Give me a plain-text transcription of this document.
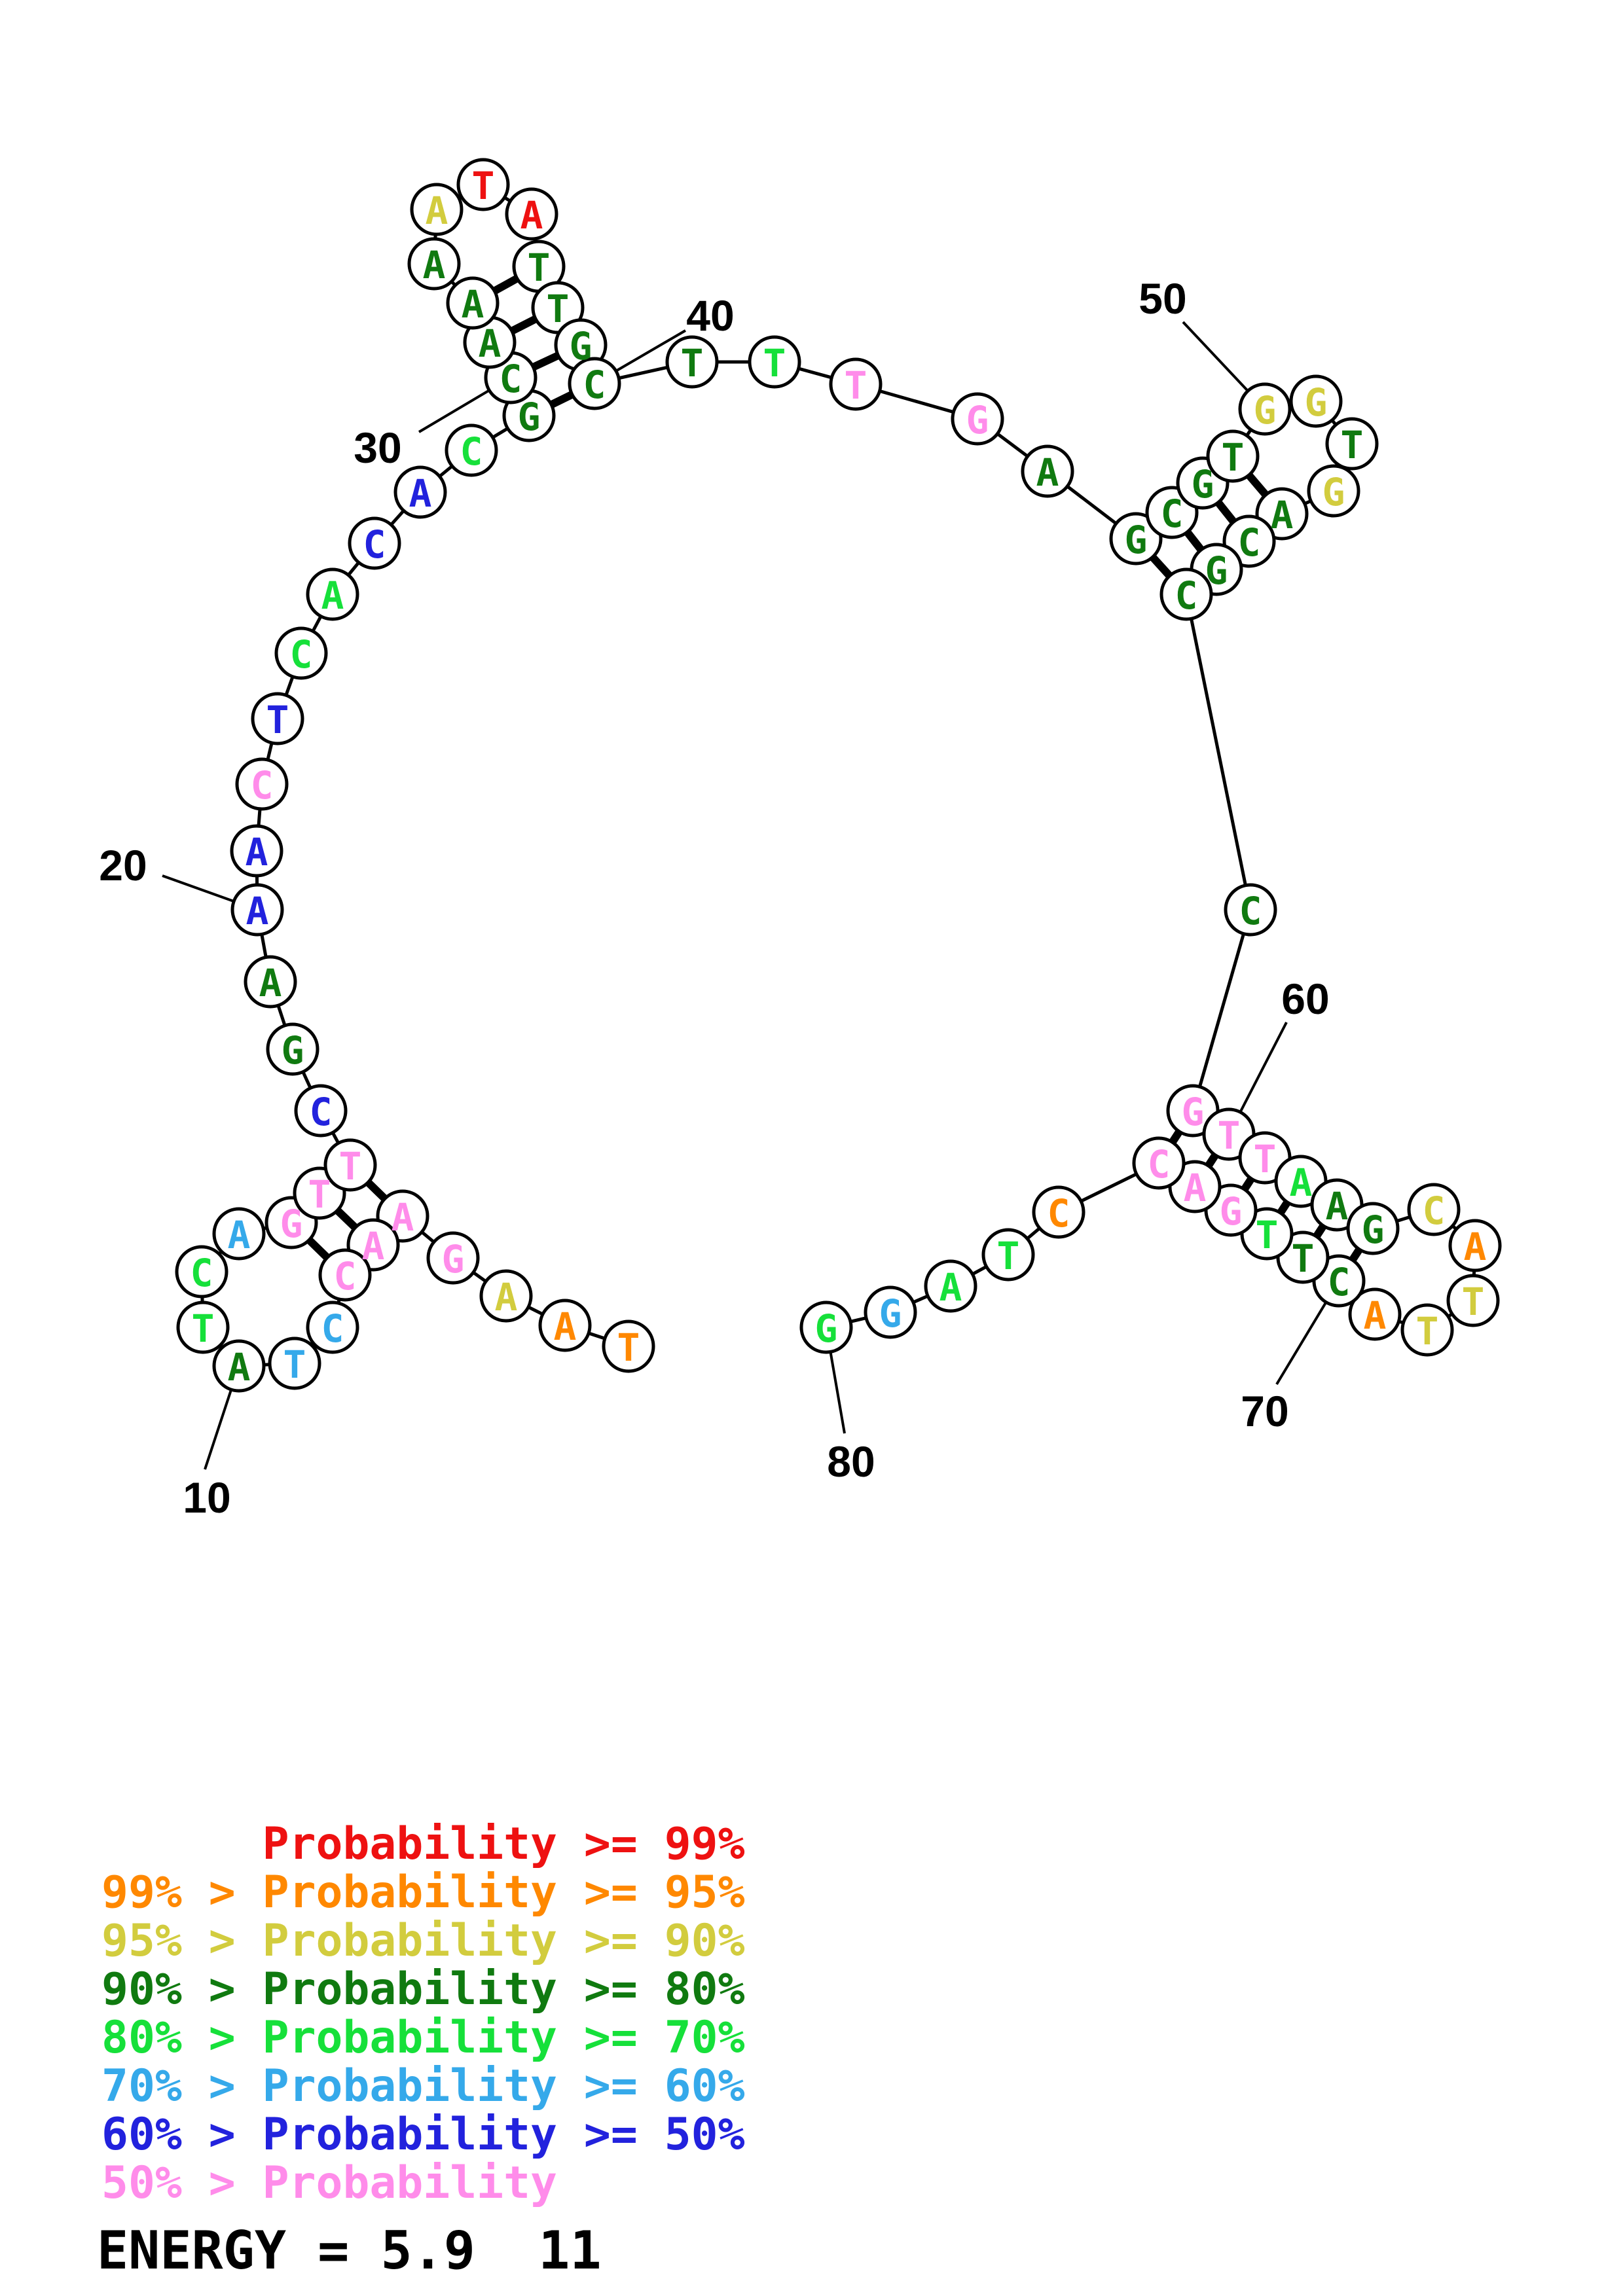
T
A
A
G
A
A
C
C
T
A
T
C
A G
T
T
C
G
A
A
A
C
T
C
A
C
A
C
G
C
A
A
A
A
T
A
T
T
G
C T T T
G
A
G
C
G
T
G G
T
G
A
C
G
C
C
G
T
T
A
A
G C
A
T
T
A
C
T
T
G
A
C
C
T
A
G
G
10
20
30
40	50
60
70
80
Probability >= 99%
99% > Probability >= 95%
95% > Probability >= 90%
90% > Probability >= 80%
80% > Probability >= 70%
70% > Probability >= 60%
60% > Probability >= 50%
50% > Probability
ENERGY = 5.9  11
